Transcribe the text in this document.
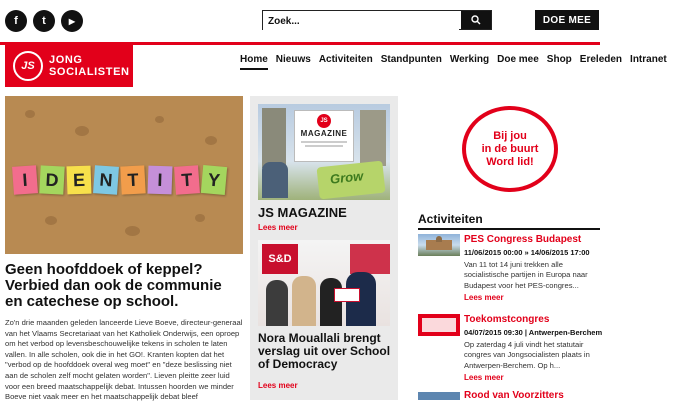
f t	▶
Zoek...	DOE MEE
JS JONG
SOCIALISTEN
Home Nieuws Activiteiten Standpunten Werking Doe mee Shop Ereleden Intranet
I D E N T	I T Y
Geen hoofddoek of keppel? Verbied dan ook de communie en catechese op school.
Zo'n drie maanden geleden lanceerde Lieve Boeve, directeur-generaal van het Vlaams Secretariaat van het Katholiek Onderwijs, een oproep om het verbod op levensbeschouwelijke tekens in scholen te laten vallen. In alle scholen, ook die in het GO!. Kranten kopten dat het "verbod op de hoofddoek overal weg moet" en "deze beslissing niet aan de scholen zelf mocht gelaten worden". Lieven pleitte zeer luid voor een breed maatschappelijk debat. Intussen hoorden we minder Boeve niet vaak meer en het maatschappelijk debat bleef
JS
MAGAZINE
Grow
JS MAGAZINE
Lees meer
S&D
Nora Mouallali brengt verslag uit over School of Democracy
Lees meer
Bij jou
in de buurt
Word lid!
Activiteiten
PES Congress Budapest
11/06/2015 00:00 » 14/06/2015 17:00
Van 11 tot 14 juni trekken alle socialistische partijen in Europa naar Budapest voor het PES-congres...
Lees meer
Toekomstcongres
04/07/2015 09:30 | Antwerpen-Berchem
Op zaterdag 4 juli vindt het statutair congres van Jongsocialisten plaats in Antwerpen-Berchem. Op h...
Lees meer
Rood van Voorzitters
